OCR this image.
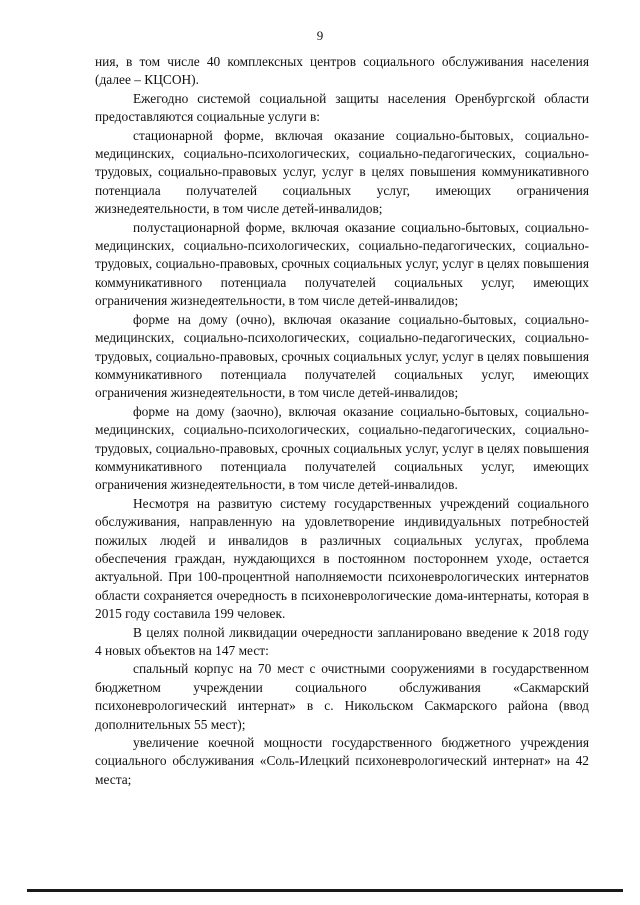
9

ния, в том числе 40 комплексных центров социального обслуживания населения (далее – КЦСОН).

Ежегодно системой социальной защиты населения Оренбургской области предоставляются социальные услуги в:

стационарной форме, включая оказание социально-бытовых, социально-медицинских, социально-психологических, социально-педагогических, социально-трудовых, социально-правовых услуг, услуг в целях повышения коммуникативного потенциала получателей социальных услуг, имеющих ограничения жизнедеятельности, в том числе детей-инвалидов;

полустационарной форме, включая оказание социально-бытовых, социально-медицинских, социально-психологических, социально-педагогических, социально-трудовых, социально-правовых, срочных социальных услуг, услуг в целях повышения коммуникативного потенциала получателей социальных услуг, имеющих ограничения жизнедеятельности, в том числе детей-инвалидов;

форме на дому (очно), включая оказание социально-бытовых, социально-медицинских, социально-психологических, социально-педагогических, социально-трудовых, социально-правовых, срочных социальных услуг, услуг в целях повышения коммуникативного потенциала получателей социальных услуг, имеющих ограничения жизнедеятельности, в том числе детей-инвалидов;

форме на дому (заочно), включая оказание социально-бытовых, социально-медицинских, социально-психологических, социально-педагогических, социально-трудовых, социально-правовых, срочных социальных услуг, услуг в целях повышения коммуникативного потенциала получателей социальных услуг, имеющих ограничения жизнедеятельности, в том числе детей-инвалидов.

Несмотря на развитую систему государственных учреждений социального обслуживания, направленную на удовлетворение индивидуальных потребностей пожилых людей и инвалидов в различных социальных услугах, проблема обеспечения граждан, нуждающихся в постоянном постороннем уходе, остается актуальной. При 100-процентной наполняемости психоневрологических интернатов области сохраняется очередность в психоневрологические дома-интернаты, которая в 2015 году составила 199 человек.

В целях полной ликвидации очередности запланировано введение к 2018 году 4 новых объектов на 147 мест:

спальный корпус на 70 мест с очистными сооружениями в государственном бюджетном учреждении социального обслуживания «Сакмарский психоневрологический интернат» в с. Никольском Сакмарского района (ввод дополнительных 55 мест);

увеличение коечной мощности государственного бюджетного учреждения социального обслуживания «Соль-Илецкий психоневрологический интернат» на 42 места;
